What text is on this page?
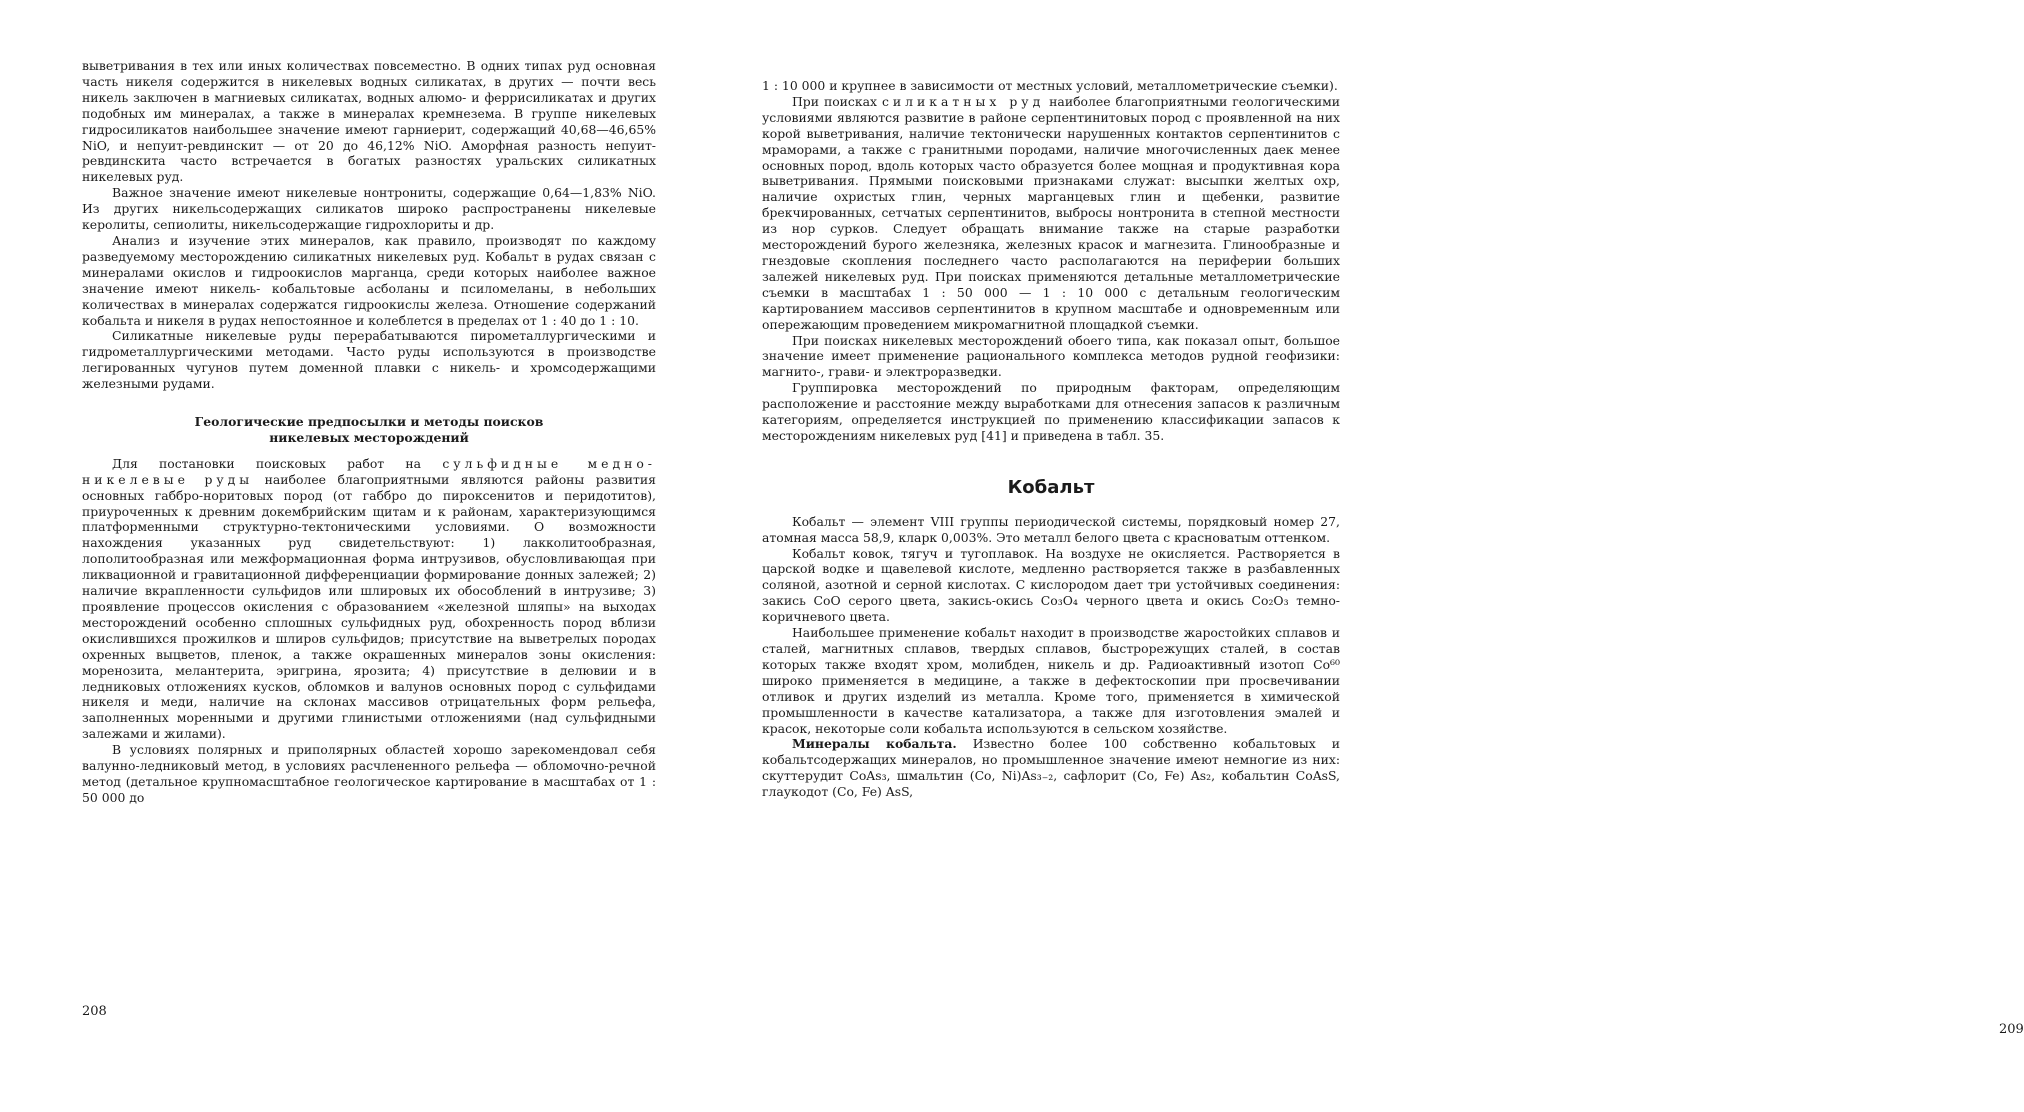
выветривания в тех или иных количествах повсеместно. В одних типах руд основная часть никеля содержится в никелевых водных силикатах, в других — почти весь никель заключен в магниевых силикатах, водных алюмо- и феррисиликатах и других подобных им минералах, а также в минералах кремнезема. В группе никелевых гидросиликатов наибольшее значение имеют гарниерит, содержащий 40,68—46,65% NiO, и непуит-ревдинскит — от 20 до 46,12% NiO. Аморфная разность непуит-ревдинскита часто встречается в богатых разностях уральских силикатных никелевых руд.

Важное значение имеют никелевые нонтрониты, содержащие 0,64—1,83% NiO. Из других никельсодержащих силикатов широко распространены никелевые керолиты, сепиолиты, никельсодержащие гидрохлориты и др.

Анализ и изучение этих минералов, как правило, производят по каждому разведуемому месторождению силикатных никелевых руд. Кобальт в рудах связан с минералами окислов и гидроокислов марганца, среди которых наиболее важное значение имеют никель- кобальтовые асболаны и псиломеланы, в небольших количествах в минералах содержатся гидроокислы железа. Отношение содержаний кобальта и никеля в рудах непостоянное и колеблется в пределах от 1 : 40 до 1 : 10.

Силикатные никелевые руды перерабатываются пирометаллургическими и гидрометаллургическими методами. Часто руды используются в производстве легированных чугунов путем доменной плавки с никель- и хромсодержащими железными рудами.

Геологические предпосылки и методы поисков
никелевых месторождений

Для постановки поисковых работ на сульфидные медно-никелевые руды наиболее благоприятными являются районы развития основных габбро-норитовых пород (от габбро до пироксенитов и перидотитов), приуроченных к древним докембрийским щитам и к районам, характеризующимся платформенными структурно-тектоническими условиями. О возможности нахождения указанных руд свидетельствуют: 1) лакколитообразная, лополитообразная или межформационная форма интрузивов, обусловливающая при ликвационной и гравитационной дифференциации формирование донных залежей; 2) наличие вкрапленности сульфидов или шлировых их обособлений в интрузиве; 3) проявление процессов окисления с образованием «железной шляпы» на выходах месторождений особенно сплошных сульфидных руд, обохренность пород вблизи окислившихся прожилков и шлиров сульфидов; присутствие на выветрелых породах охренных выцветов, пленок, а также окрашенных минералов зоны окисления: моренозита, мелантерита, эригрина, ярозита; 4) присутствие в делювии и в ледниковых отложениях кусков, обломков и валунов основных пород с сульфидами никеля и меди, наличие на склонах массивов отрицательных форм рельефа, заполненных моренными и другими глинистыми отложениями (над сульфидными залежами и жилами).

В условиях полярных и приполярных областей хорошо зарекомендовал себя валунно-ледниковый метод, в условиях расчлененного рельефа — обломочно-речной метод (детальное крупномасштабное геологическое картирование в масштабах от 1 : 50 000 до

208

1 : 10 000 и крупнее в зависимости от местных условий, металлометрические съемки).

При поисках силикатных руд наиболее благоприятными геологическими условиями являются развитие в районе серпентинитовых пород с проявленной на них корой выветривания, наличие тектонически нарушенных контактов серпентинитов с мраморами, а также с гранитными породами, наличие многочисленных даек менее основных пород, вдоль которых часто образуется более мощная и продуктивная кора выветривания. Прямыми поисковыми признаками служат: высыпки желтых охр, наличие охристых глин, черных марганцевых глин и щебенки, развитие брекчированных, сетчатых серпентинитов, выбросы нонтронита в степной местности из нор сурков. Следует обращать внимание также на старые разработки месторождений бурого железняка, железных красок и магнезита. Глинообразные и гнездовые скопления последнего часто располагаются на периферии больших залежей никелевых руд. При поисках применяются детальные металлометрические съемки в масштабах 1 : 50 000 — 1 : 10 000 с детальным геологическим картированием массивов серпентинитов в крупном масштабе и одновременным или опережающим проведением микромагнитной площадкой съемки.

При поисках никелевых месторождений обоего типа, как показал опыт, большое значение имеет применение рационального комплекса методов рудной геофизики: магнито-, грави- и электроразведки.

Группировка месторождений по природным факторам, определяющим расположение и расстояние между выработками для отнесения запасов к различным категориям, определяется инструкцией по применению классификации запасов к месторождениям никелевых руд [41] и приведена в табл. 35.

Кобальт

Кобальт — элемент VIII группы периодической системы, порядковый номер 27, атомная масса 58,9, кларк 0,003%. Это металл белого цвета с красноватым оттенком.

Кобальт ковок, тягуч и тугоплавок. На воздухе не окисляется. Растворяется в царской водке и щавелевой кислоте, медленно растворяется также в разбавленных соляной, азотной и серной кислотах. С кислородом дает три устойчивых соединения: закись CoO серого цвета, закись-окись Co₃O₄ черного цвета и окись Co₂O₃ темно-коричневого цвета.

Наибольшее применение кобальт находит в производстве жаростойких сплавов и сталей, магнитных сплавов, твердых сплавов, быстрорежущих сталей, в состав которых также входят хром, молибден, никель и др. Радиоактивный изотоп Co⁶⁰ широко применяется в медицине, а также в дефектоскопии при просвечивании отливок и других изделий из металла. Кроме того, применяется в химической промышленности в качестве катализатора, а также для изготовления эмалей и красок, некоторые соли кобальта используются в сельском хозяйстве.

Минералы кобальта. Известно более 100 собственно кобальтовых и кобальтсодержащих минералов, но промышленное значение имеют немногие из них: скуттерудит CoAs₃, шмальтин (Co, Ni)As₃₋₂, сафлорит (Co, Fe) As₂, кобальтин CoAsS, глаукодот (Co, Fe) AsS,

209
